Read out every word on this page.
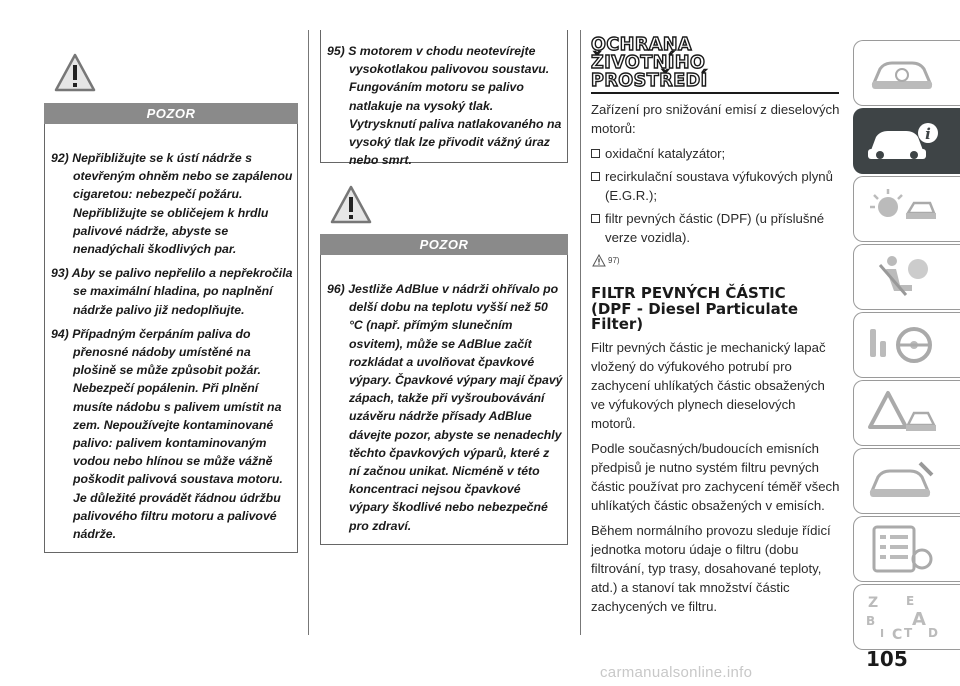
POZOR

92) Nepřibližujte se k ústí nádrže s otevřeným ohněm nebo se zapálenou cigaretou: nebezpečí požáru. Nepřibližujte se obličejem k hrdlu palivové nádrže, abyste se nenadýchali škodlivých par.

93) Aby se palivo nepřelilo a nepřekročila se maximální hladina, po naplnění nádrže palivo již nedoplňujte.

94) Případným čerpáním paliva do přenosné nádoby umístěné na plošině se může způsobit požár. Nebezpečí popálenin. Při plnění musíte nádobu s palivem umístit na zem. Nepoužívejte kontaminované palivo: palivem kontaminovaným vodou nebo hlínou se může vážně poškodit palivová soustava motoru. Je důležité provádět řádnou údržbu palivového filtru motoru a palivové nádrže.

95) S motorem v chodu neotevírejte vysokotlakou palivovou soustavu. Fungováním motoru se palivo natlakuje na vysoký tlak. Vytrysknutí paliva natlakovaného na vysoký tlak lze přivodit vážný úraz nebo smrt.

POZOR

96) Jestliže AdBlue v nádrži ohřívalo po delší dobu na teplotu vyšší než 50 °C (např. přímým slunečním osvitem), může se AdBlue začít rozkládat a uvolňovat čpavkové výpary. Čpavkové výpary mají čpavý zápach, takže při vyšroubovávání uzávěru nádrže přísady AdBlue dávejte pozor, abyste se nenadechly těchto čpavkových výparů, které z ní začnou unikat. Nicméně v této koncentraci nejsou čpavkové výpary škodlivé nebo nebezpečné pro zdraví.

OCHRANA
ŽIVOTNÍHO
PROSTŘEDÍ

Zařízení pro snižování emisí z dieselových motorů:

oxidační katalyzátor;

recirkulační soustava výfukových plynů (E.G.R.);

filtr pevných částic (DPF) (u příslušné verze vozidla).

97)
FILTR PEVNÝCH ČÁSTIC
(DPF - Diesel Particulate
Filter)

Filtr pevných částic je mechanický lapač vložený do výfukového potrubí pro zachycení uhlíkatých částic obsažených ve výfukových plynech dieselových motorů.

Podle současných/budoucích emisních předpisů je nutno systém filtru pevných částic používat pro zachycení téměř všech uhlíkatých částic obsažených v emisích.

Během normálního provozu sleduje řídicí jednotka motoru údaje o filtru (dobu filtrování, typ trasy, dosahované teploty, atd.) a stanoví tak množství částic zachycených ve filtru.

i
Z E
B A
I C T D
105
carmanualsonline.info
